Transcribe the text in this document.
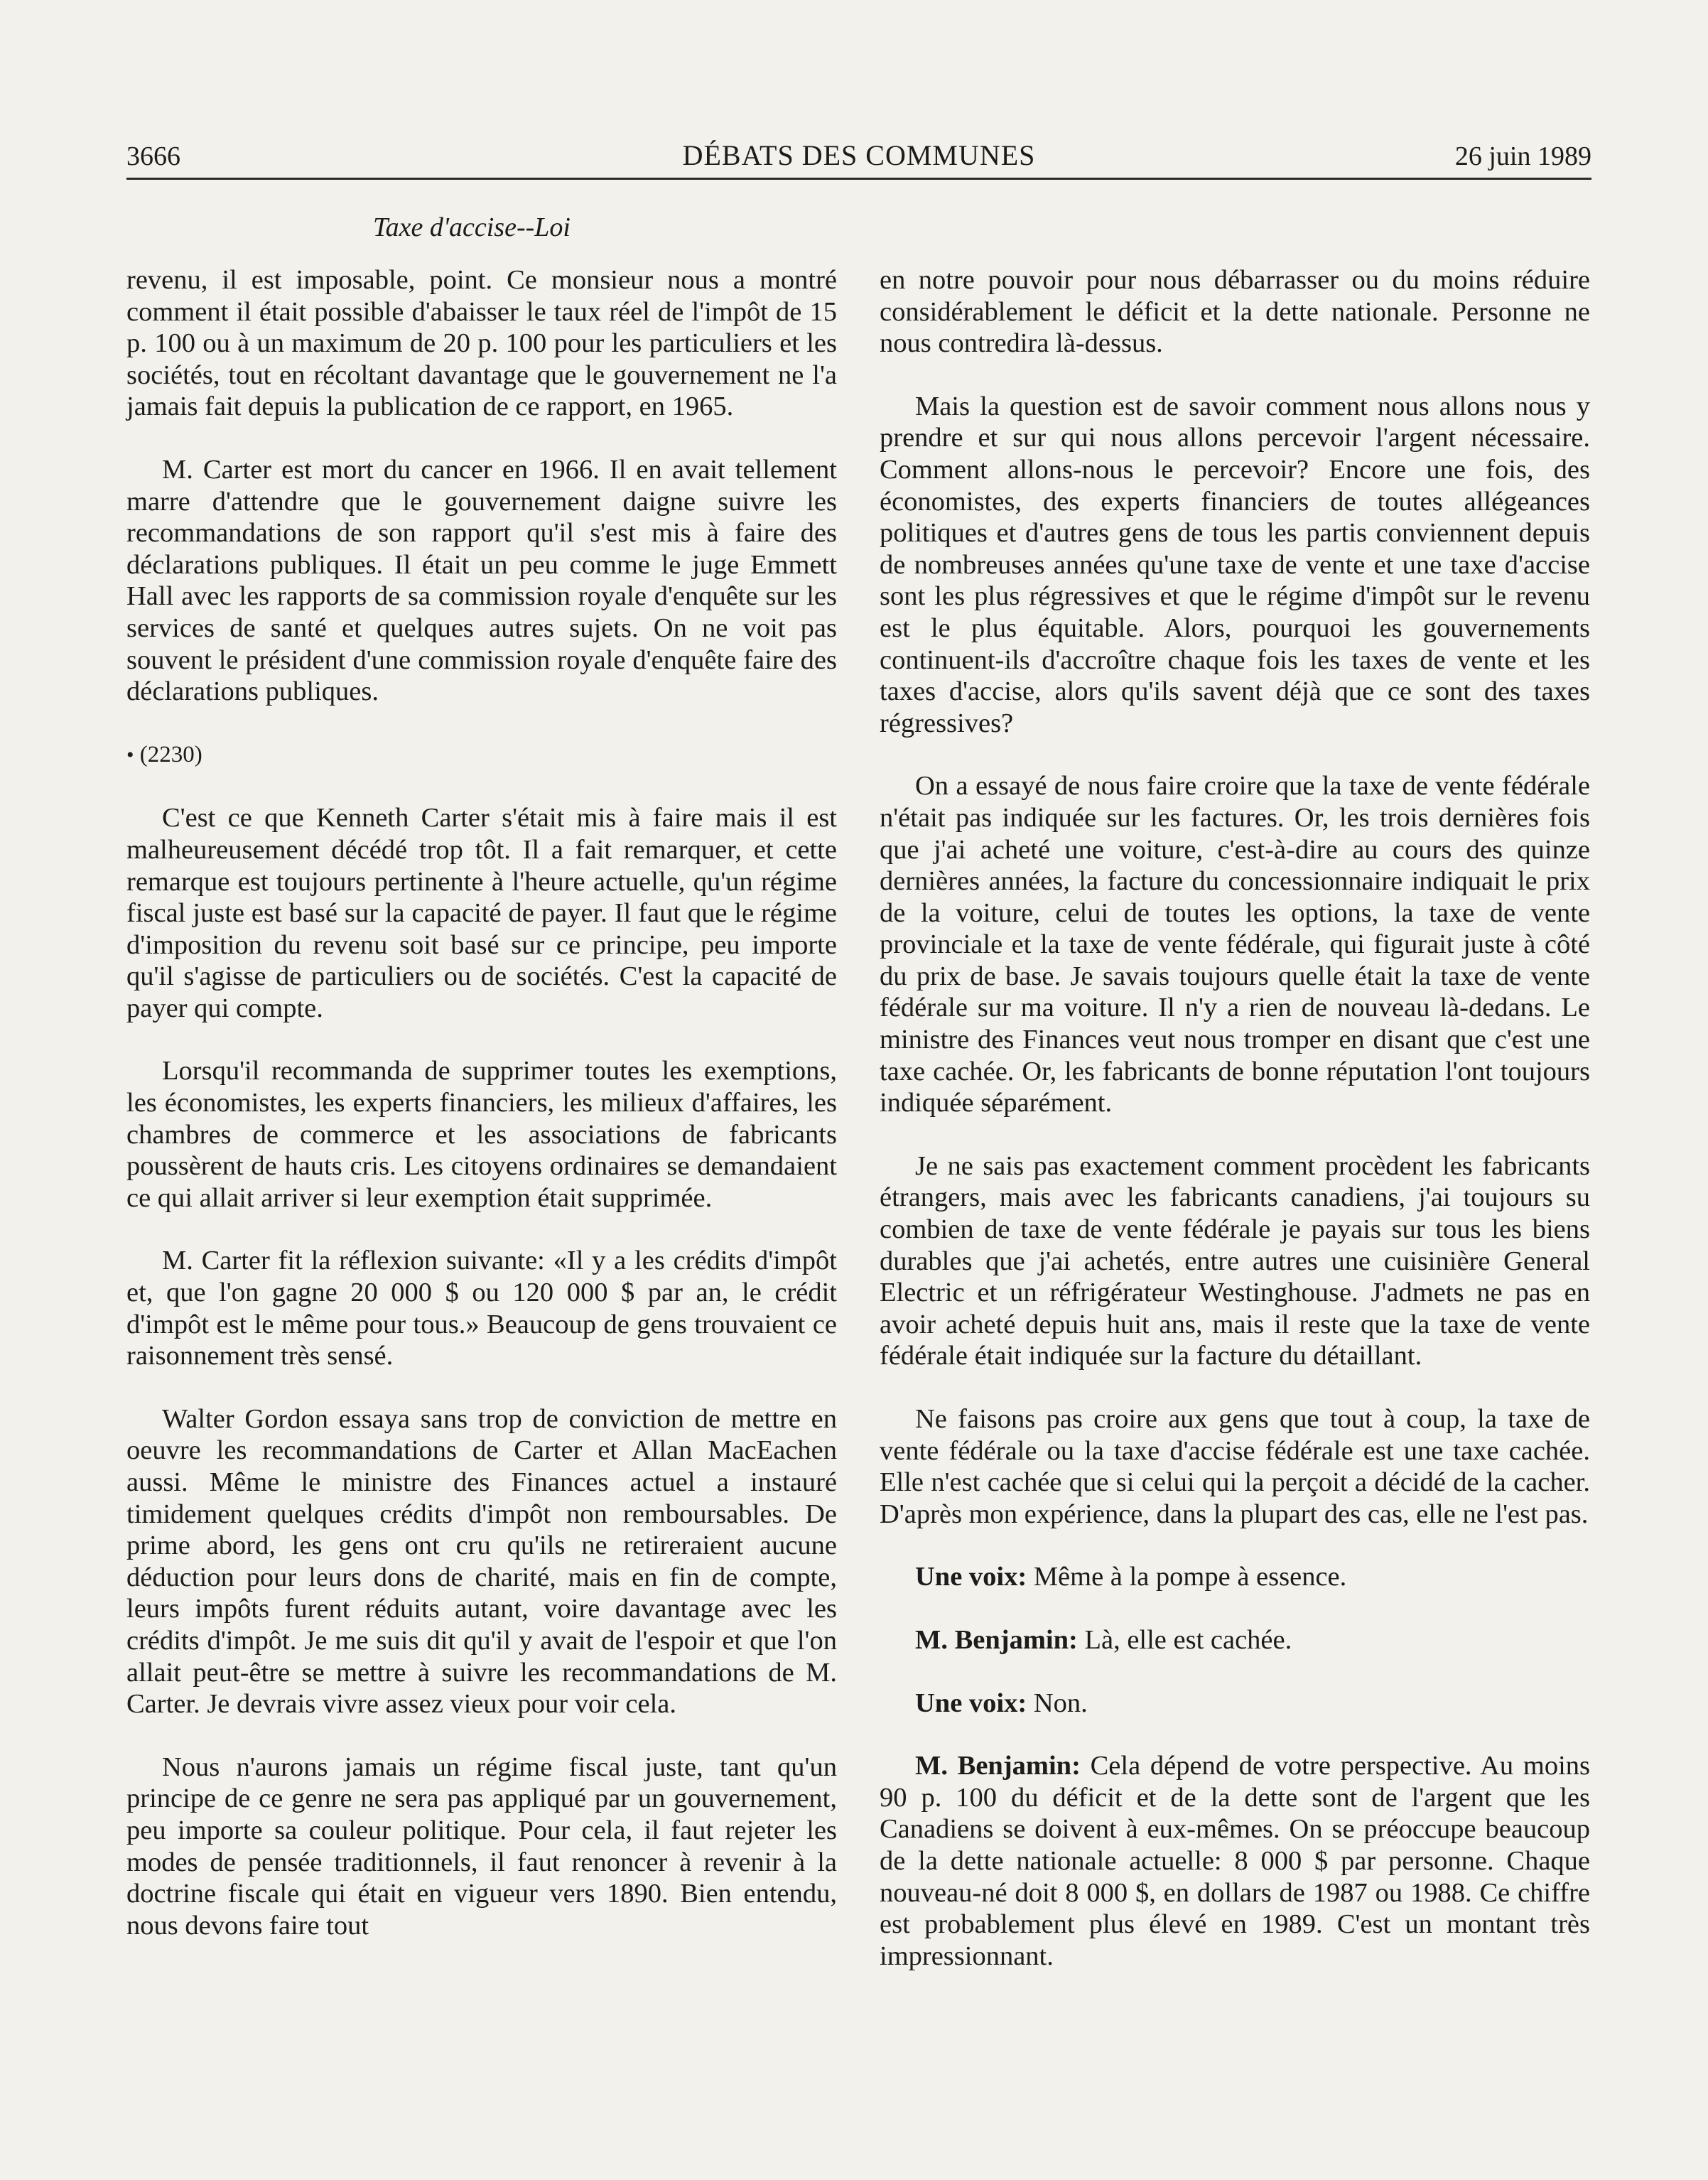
3666	DÉBATS DES COMMUNES	26 juin 1989
Taxe d'accise--Loi

revenu, il est imposable, point. Ce monsieur nous a montré comment il était possible d'abaisser le taux réel de l'impôt de 15 p. 100 ou à un maximum de 20 p. 100 pour les particuliers et les sociétés, tout en récoltant davantage que le gouvernement ne l'a jamais fait depuis la publication de ce rapport, en 1965.

M. Carter est mort du cancer en 1966. Il en avait tellement marre d'attendre que le gouvernement daigne suivre les recommandations de son rapport qu'il s'est mis à faire des déclarations publiques. Il était un peu comme le juge Emmett Hall avec les rapports de sa commission royale d'enquête sur les services de santé et quelques autres sujets. On ne voit pas souvent le président d'une commission royale d'enquête faire des déclarations publiques.

• (2230)

C'est ce que Kenneth Carter s'était mis à faire mais il est malheureusement décédé trop tôt. Il a fait remarquer, et cette remarque est toujours pertinente à l'heure actuelle, qu'un régime fiscal juste est basé sur la capacité de payer. Il faut que le régime d'imposition du revenu soit basé sur ce principe, peu importe qu'il s'agisse de particuliers ou de sociétés. C'est la capacité de payer qui compte.

Lorsqu'il recommanda de supprimer toutes les exemptions, les économistes, les experts financiers, les milieux d'affaires, les chambres de commerce et les associations de fabricants poussèrent de hauts cris. Les citoyens ordinaires se demandaient ce qui allait arriver si leur exemption était supprimée.

M. Carter fit la réflexion suivante: «Il y a les crédits d'impôt et, que l'on gagne 20 000 $ ou 120 000 $ par an, le crédit d'impôt est le même pour tous.» Beaucoup de gens trouvaient ce raisonnement très sensé.

Walter Gordon essaya sans trop de conviction de mettre en oeuvre les recommandations de Carter et Allan MacEachen aussi. Même le ministre des Finances actuel a instauré timidement quelques crédits d'impôt non remboursables. De prime abord, les gens ont cru qu'ils ne retireraient aucune déduction pour leurs dons de charité, mais en fin de compte, leurs impôts furent réduits autant, voire davantage avec les crédits d'impôt. Je me suis dit qu'il y avait de l'espoir et que l'on allait peut-être se mettre à suivre les recommandations de M. Carter. Je devrais vivre assez vieux pour voir cela.

Nous n'aurons jamais un régime fiscal juste, tant qu'un principe de ce genre ne sera pas appliqué par un gouvernement, peu importe sa couleur politique. Pour cela, il faut rejeter les modes de pensée traditionnels, il faut renoncer à revenir à la doctrine fiscale qui était en vigueur vers 1890. Bien entendu, nous devons faire tout

en notre pouvoir pour nous débarrasser ou du moins réduire considérablement le déficit et la dette nationale. Personne ne nous contredira là-dessus.

Mais la question est de savoir comment nous allons nous y prendre et sur qui nous allons percevoir l'argent nécessaire. Comment allons-nous le percevoir? Encore une fois, des économistes, des experts financiers de toutes allégeances politiques et d'autres gens de tous les partis conviennent depuis de nombreuses années qu'une taxe de vente et une taxe d'accise sont les plus régressives et que le régime d'impôt sur le revenu est le plus équitable. Alors, pourquoi les gouvernements continuent-ils d'accroître chaque fois les taxes de vente et les taxes d'accise, alors qu'ils savent déjà que ce sont des taxes régressives?

On a essayé de nous faire croire que la taxe de vente fédérale n'était pas indiquée sur les factures. Or, les trois dernières fois que j'ai acheté une voiture, c'est-à-dire au cours des quinze dernières années, la facture du concessionnaire indiquait le prix de la voiture, celui de toutes les options, la taxe de vente provinciale et la taxe de vente fédérale, qui figurait juste à côté du prix de base. Je savais toujours quelle était la taxe de vente fédérale sur ma voiture. Il n'y a rien de nouveau là-dedans. Le ministre des Finances veut nous tromper en disant que c'est une taxe cachée. Or, les fabricants de bonne réputation l'ont toujours indiquée séparément.

Je ne sais pas exactement comment procèdent les fabricants étrangers, mais avec les fabricants canadiens, j'ai toujours su combien de taxe de vente fédérale je payais sur tous les biens durables que j'ai achetés, entre autres une cuisinière General Electric et un réfrigérateur Westinghouse. J'admets ne pas en avoir acheté depuis huit ans, mais il reste que la taxe de vente fédérale était indiquée sur la facture du détaillant.

Ne faisons pas croire aux gens que tout à coup, la taxe de vente fédérale ou la taxe d'accise fédérale est une taxe cachée. Elle n'est cachée que si celui qui la perçoit a décidé de la cacher. D'après mon expérience, dans la plupart des cas, elle ne l'est pas.

Une voix: Même à la pompe à essence.

M. Benjamin: Là, elle est cachée.

Une voix: Non.

M. Benjamin: Cela dépend de votre perspective. Au moins 90 p. 100 du déficit et de la dette sont de l'argent que les Canadiens se doivent à eux-mêmes. On se préoccupe beaucoup de la dette nationale actuelle: 8 000 $ par personne. Chaque nouveau-né doit 8 000 $, en dollars de 1987 ou 1988. Ce chiffre est probablement plus élevé en 1989. C'est un montant très impressionnant.
